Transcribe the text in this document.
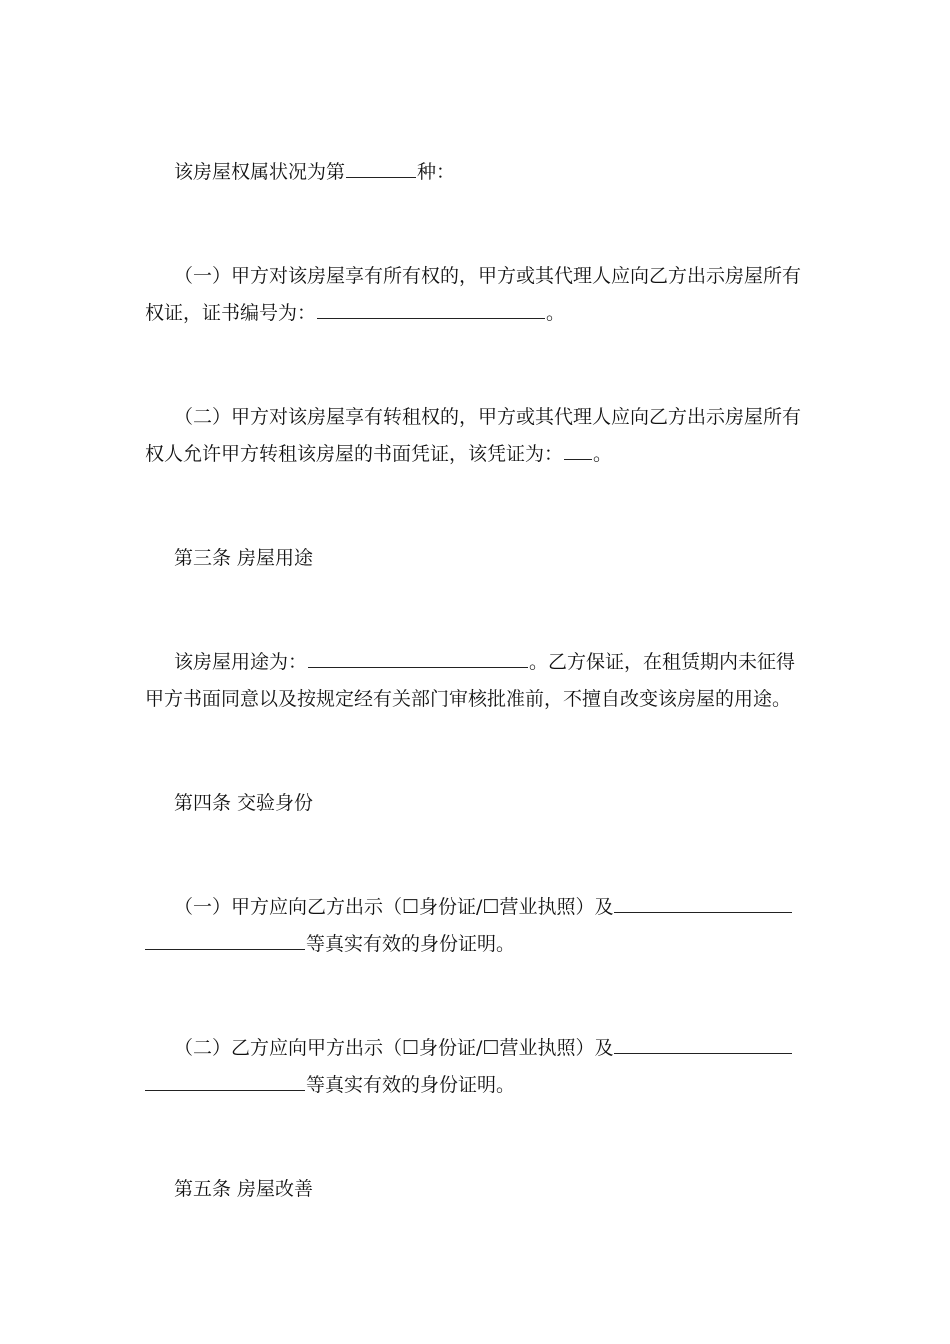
该房屋权属状况为第	种：
（一）甲方对该房屋享有所有权的，甲方或其代理人应向乙方出示房屋所有
权证，证书编号为：	。
（二）甲方对该房屋享有转租权的，甲方或其代理人应向乙方出示房屋所有
权人允许甲方转租该房屋的书面凭证，该凭证为： 。
第三条 房屋用途
该房屋用途为：	。乙方保证，在租赁期内未征得
甲方书面同意以及按规定经有关部门审核批准前，不擅自改变该房屋的用途。
第四条 交验身份
（一）甲方应向乙方出示（☐身份证/☐营业执照）及
等真实有效的身份证明。
（二）乙方应向甲方出示（☐身份证/☐营业执照）及
等真实有效的身份证明。
第五条 房屋改善
